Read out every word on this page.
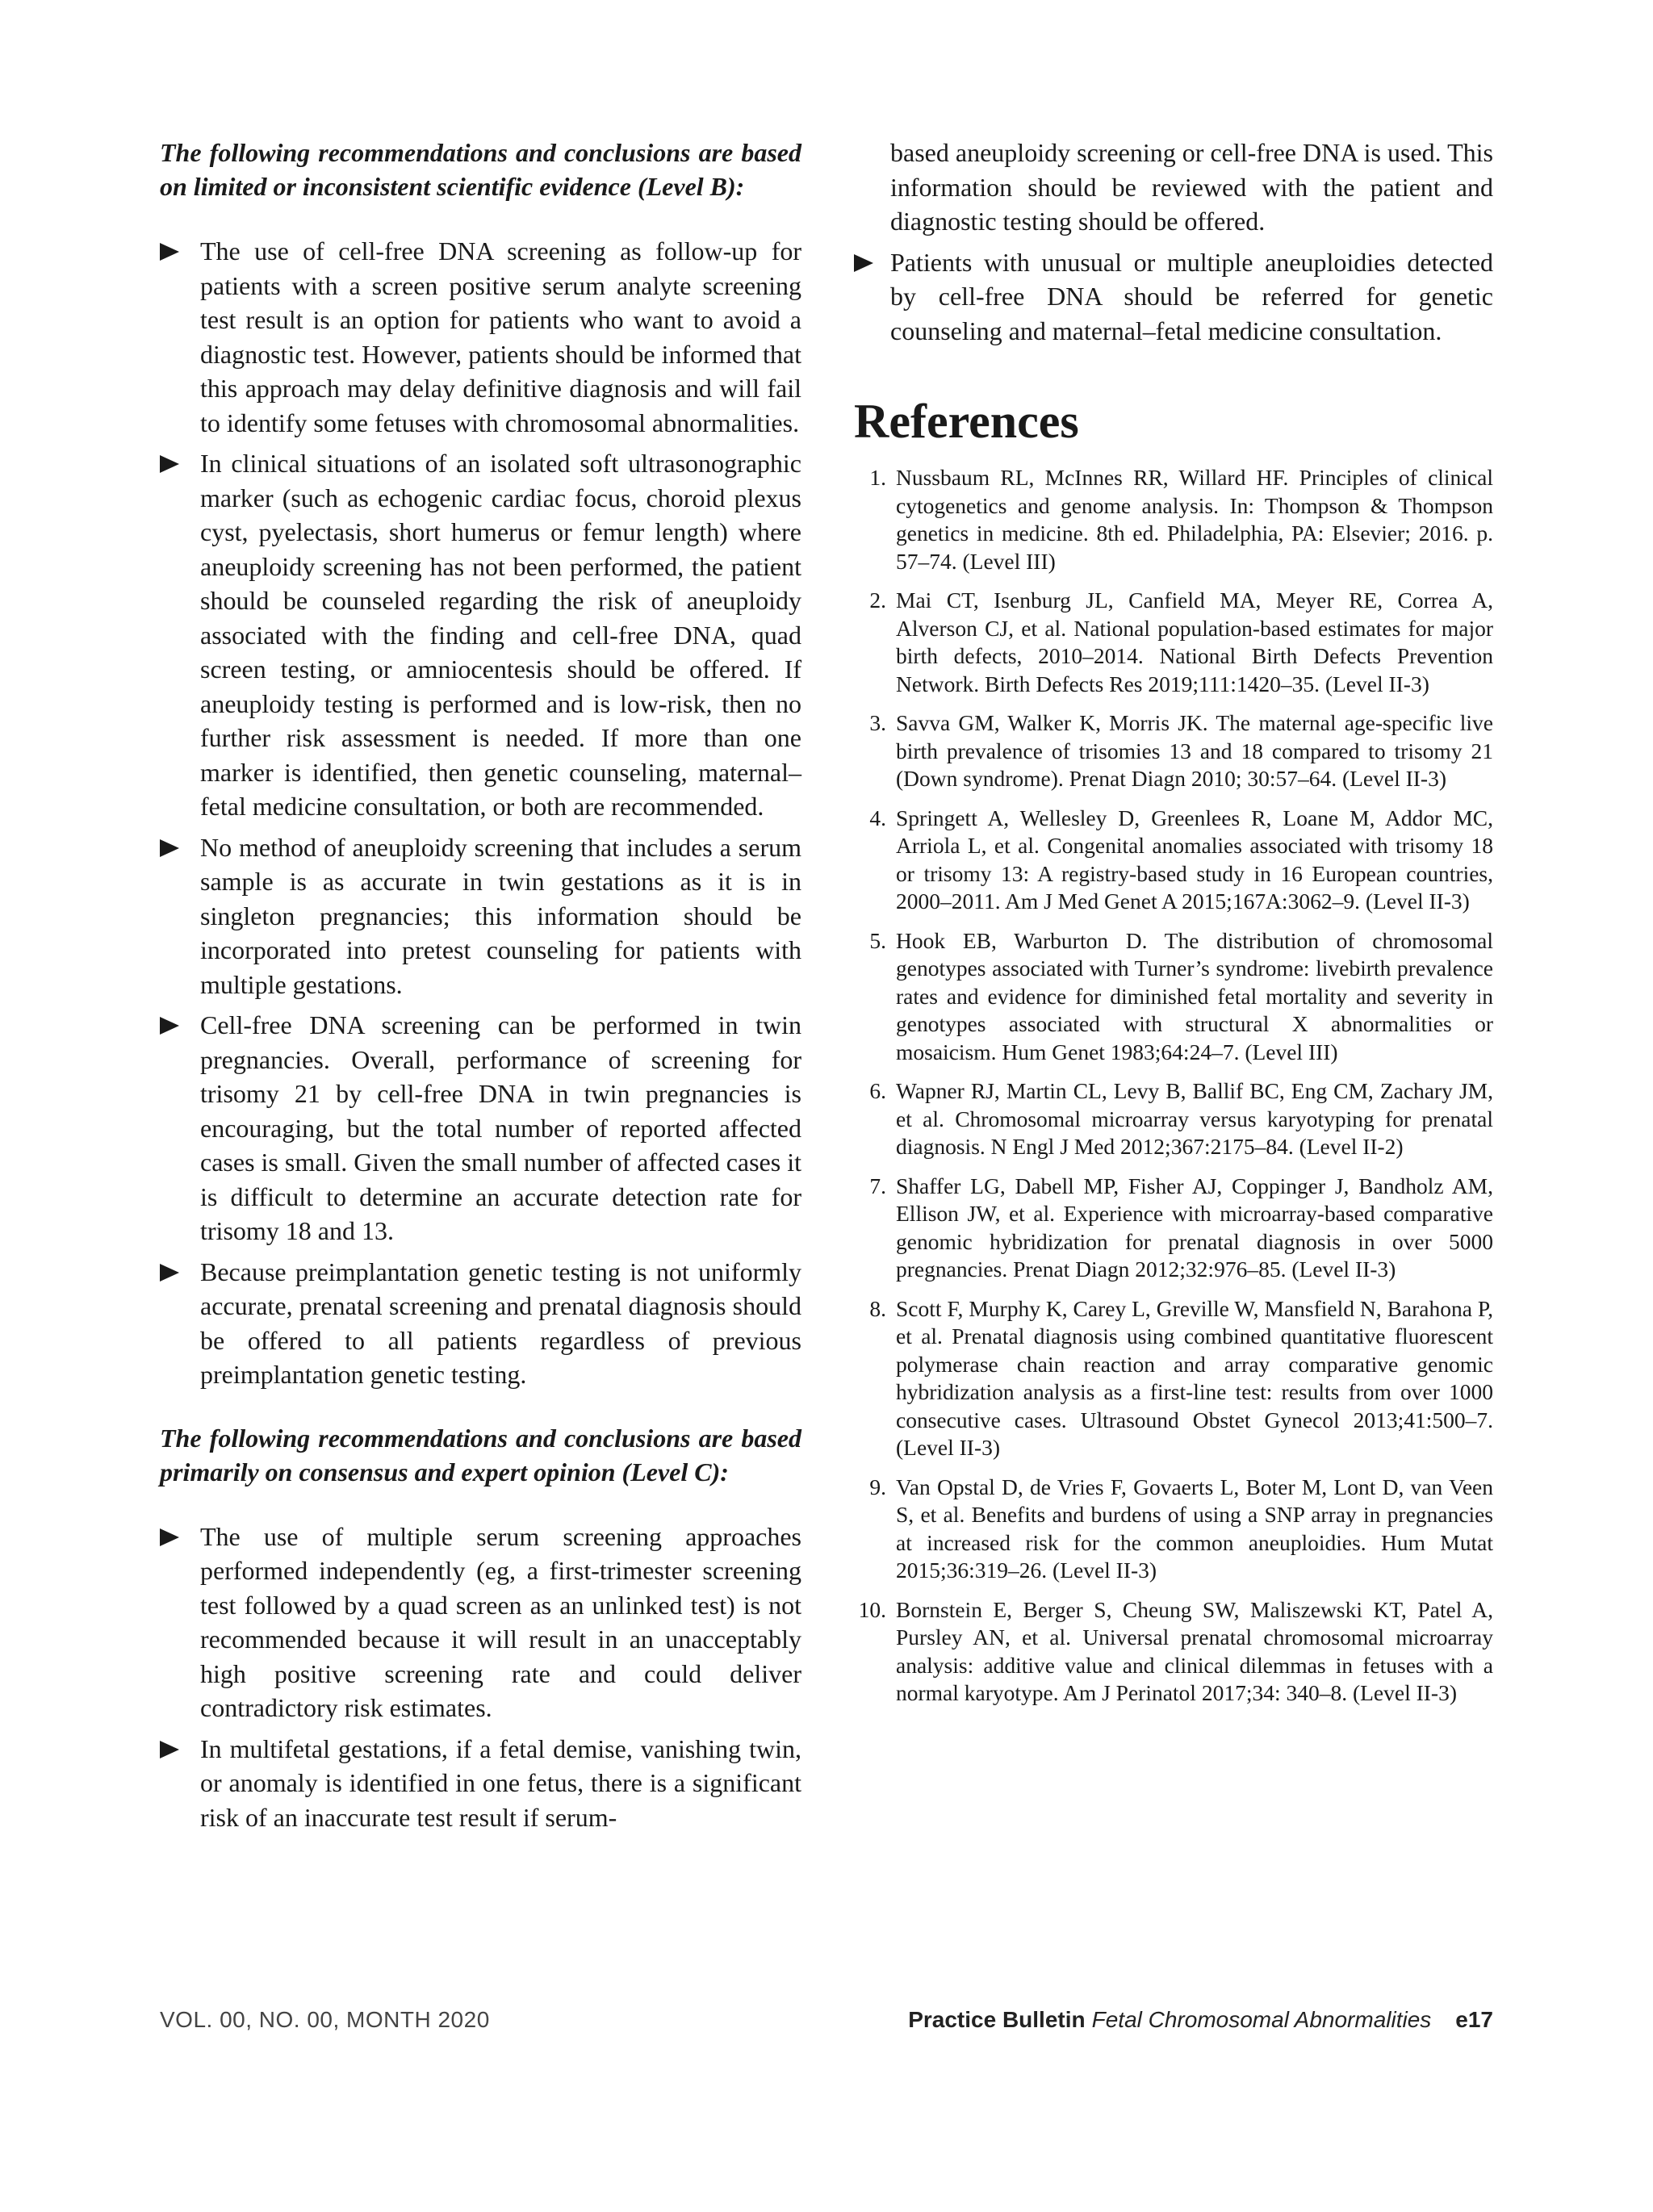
The following recommendations and conclusions are based on limited or inconsistent scientific evidence (Level B):

The use of cell-free DNA screening as follow-up for patients with a screen positive serum analyte screening test result is an option for patients who want to avoid a diagnostic test. However, patients should be informed that this approach may delay definitive diagnosis and will fail to identify some fetuses with chromosomal abnormalities.
In clinical situations of an isolated soft ultrasonographic marker (such as echogenic cardiac focus, choroid plexus cyst, pyelectasis, short humerus or femur length) where aneuploidy screening has not been performed, the patient should be counseled regarding the risk of aneuploidy associated with the finding and cell-free DNA, quad screen testing, or amniocentesis should be offered. If aneuploidy testing is performed and is low-risk, then no further risk assessment is needed. If more than one marker is identified, then genetic counseling, maternal–fetal medicine consultation, or both are recommended.
No method of aneuploidy screening that includes a serum sample is as accurate in twin gestations as it is in singleton pregnancies; this information should be incorporated into pretest counseling for patients with multiple gestations.
Cell-free DNA screening can be performed in twin pregnancies. Overall, performance of screening for trisomy 21 by cell-free DNA in twin pregnancies is encouraging, but the total number of reported affected cases is small. Given the small number of affected cases it is difficult to determine an accurate detection rate for trisomy 18 and 13.
Because preimplantation genetic testing is not uniformly accurate, prenatal screening and prenatal diagnosis should be offered to all patients regardless of previous preimplantation genetic testing.

The following recommendations and conclusions are based primarily on consensus and expert opinion (Level C):

The use of multiple serum screening approaches performed independently (eg, a first-trimester screening test followed by a quad screen as an unlinked test) is not recommended because it will result in an unacceptably high positive screening rate and could deliver contradictory risk estimates.
In multifetal gestations, if a fetal demise, vanishing twin, or anomaly is identified in one fetus, there is a significant risk of an inaccurate test result if serum-
based aneuploidy screening or cell-free DNA is used. This information should be reviewed with the patient and diagnostic testing should be offered.
Patients with unusual or multiple aneuploidies detected by cell-free DNA should be referred for genetic counseling and maternal–fetal medicine consultation.
References
1. Nussbaum RL, McInnes RR, Willard HF. Principles of clinical cytogenetics and genome analysis. In: Thompson & Thompson genetics in medicine. 8th ed. Philadelphia, PA: Elsevier; 2016. p. 57–74. (Level III)
2. Mai CT, Isenburg JL, Canfield MA, Meyer RE, Correa A, Alverson CJ, et al. National population-based estimates for major birth defects, 2010–2014. National Birth Defects Prevention Network. Birth Defects Res 2019;111:1420–35. (Level II-3)
3. Savva GM, Walker K, Morris JK. The maternal age-specific live birth prevalence of trisomies 13 and 18 compared to trisomy 21 (Down syndrome). Prenat Diagn 2010; 30:57–64. (Level II-3)
4. Springett A, Wellesley D, Greenlees R, Loane M, Addor MC, Arriola L, et al. Congenital anomalies associated with trisomy 18 or trisomy 13: A registry-based study in 16 European countries, 2000–2011. Am J Med Genet A 2015;167A:3062–9. (Level II-3)
5. Hook EB, Warburton D. The distribution of chromosomal genotypes associated with Turner’s syndrome: livebirth prevalence rates and evidence for diminished fetal mortality and severity in genotypes associated with structural X abnormalities or mosaicism. Hum Genet 1983;64:24–7. (Level III)
6. Wapner RJ, Martin CL, Levy B, Ballif BC, Eng CM, Zachary JM, et al. Chromosomal microarray versus karyotyping for prenatal diagnosis. N Engl J Med 2012;367:2175–84. (Level II-2)
7. Shaffer LG, Dabell MP, Fisher AJ, Coppinger J, Bandholz AM, Ellison JW, et al. Experience with microarray-based comparative genomic hybridization for prenatal diagnosis in over 5000 pregnancies. Prenat Diagn 2012;32:976–85. (Level II-3)
8. Scott F, Murphy K, Carey L, Greville W, Mansfield N, Barahona P, et al. Prenatal diagnosis using combined quantitative fluorescent polymerase chain reaction and array comparative genomic hybridization analysis as a first-line test: results from over 1000 consecutive cases. Ultrasound Obstet Gynecol 2013;41:500–7. (Level II-3)
9. Van Opstal D, de Vries F, Govaerts L, Boter M, Lont D, van Veen S, et al. Benefits and burdens of using a SNP array in pregnancies at increased risk for the common aneuploidies. Hum Mutat 2015;36:319–26. (Level II-3)
10. Bornstein E, Berger S, Cheung SW, Maliszewski KT, Patel A, Pursley AN, et al. Universal prenatal chromosomal microarray analysis: additive value and clinical dilemmas in fetuses with a normal karyotype. Am J Perinatol 2017;34: 340–8. (Level II-3)
VOL. 00, NO. 00, MONTH 2020	Practice Bulletin Fetal Chromosomal Abnormalities e17
